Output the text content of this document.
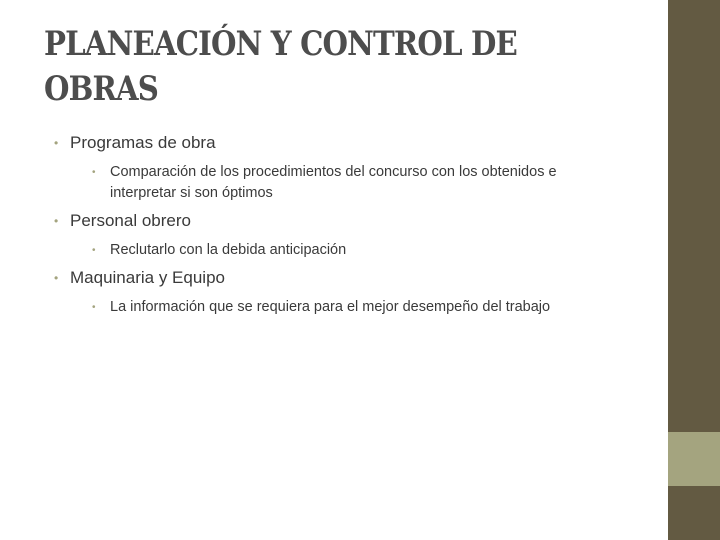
PLANEACIÓN Y CONTROL DE OBRAS
• Programas de obra
• Comparación de los procedimientos del concurso con los obtenidos e interpretar si son óptimos
• Personal obrero
• Reclutarlo con la debida anticipación
• Maquinaria y Equipo
• La información que se requiera para el mejor desempeño del trabajo
